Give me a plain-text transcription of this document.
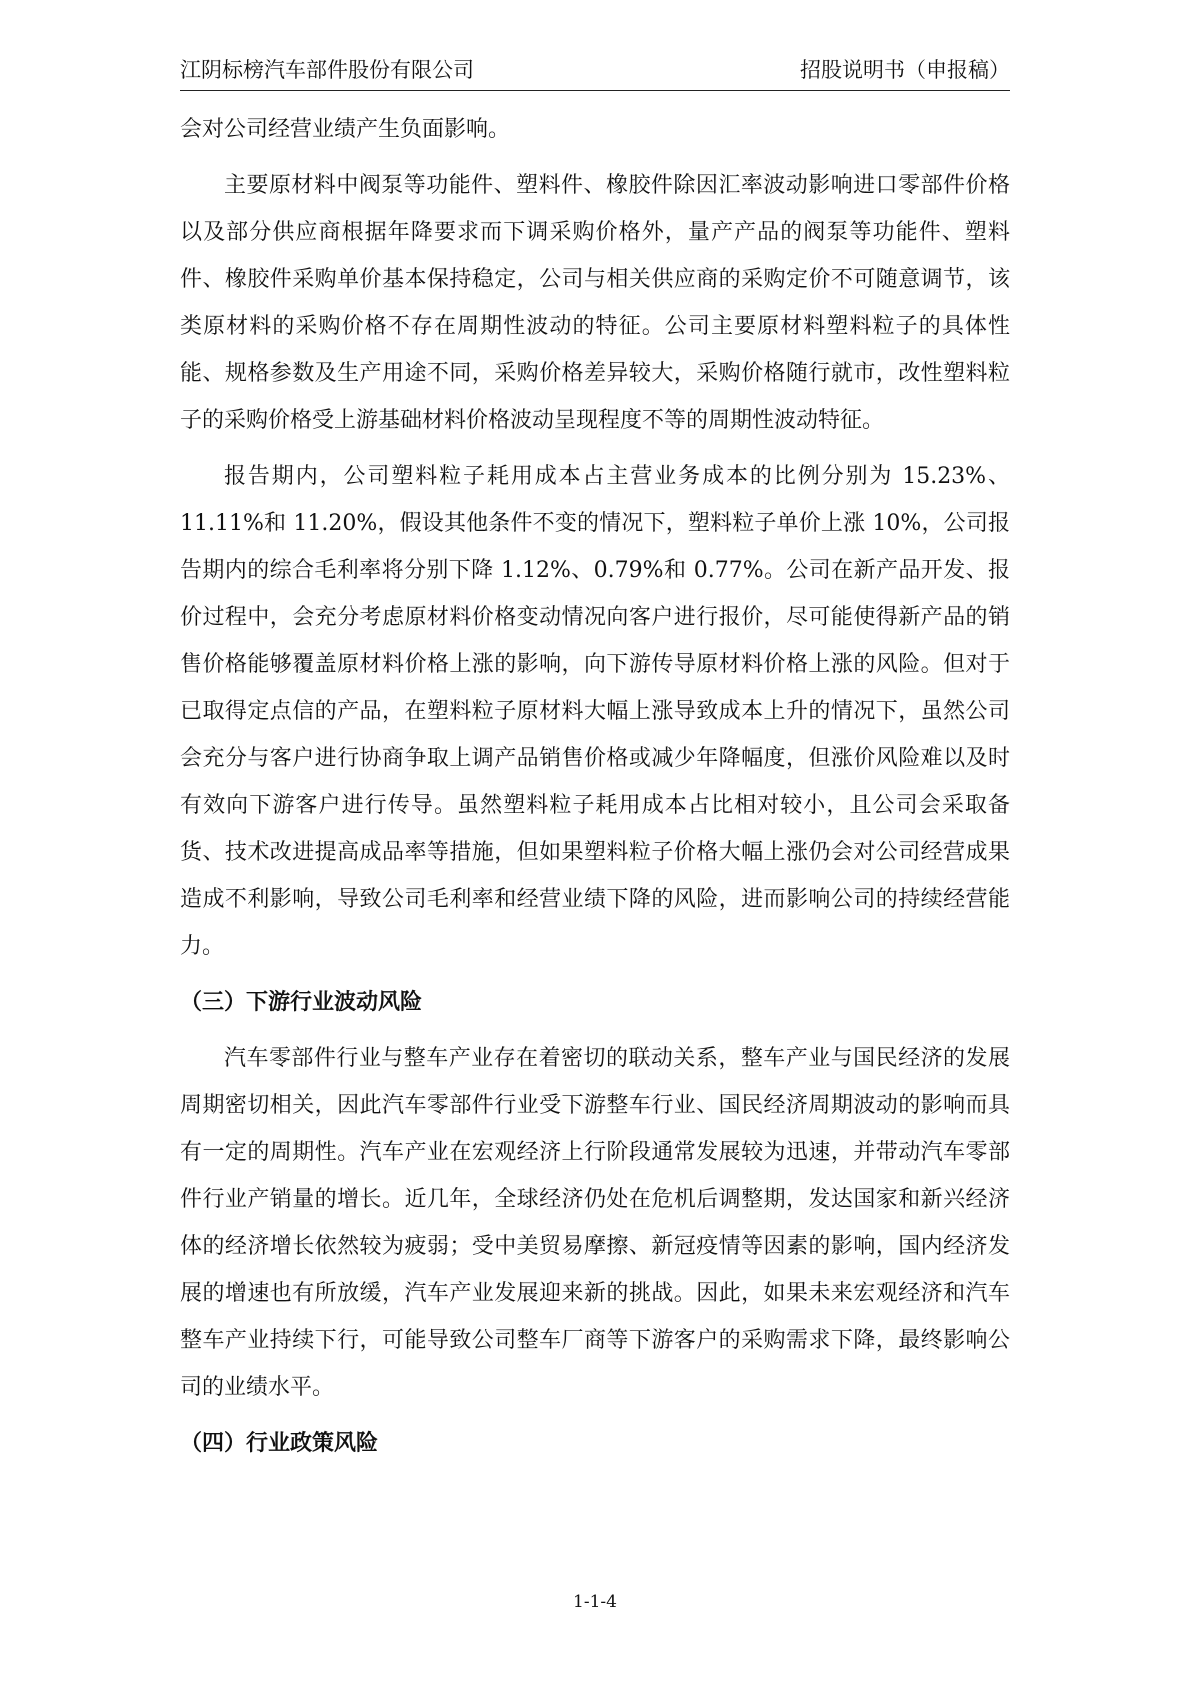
江阴标榜汽车部件股份有限公司	招股说明书（申报稿）

会对公司经营业绩产生负面影响。

主要原材料中阀泵等功能件、塑料件、橡胶件除因汇率波动影响进口零部件价格以及部分供应商根据年降要求而下调采购价格外，量产产品的阀泵等功能件、塑料件、橡胶件采购单价基本保持稳定，公司与相关供应商的采购定价不可随意调节，该类原材料的采购价格不存在周期性波动的特征。公司主要原材料塑料粒子的具体性能、规格参数及生产用途不同，采购价格差异较大，采购价格随行就市，改性塑料粒子的采购价格受上游基础材料价格波动呈现程度不等的周期性波动特征。

报告期内，公司塑料粒子耗用成本占主营业务成本的比例分别为 15.23%、11.11%和 11.20%，假设其他条件不变的情况下，塑料粒子单价上涨 10%，公司报告期内的综合毛利率将分别下降 1.12%、0.79%和 0.77%。公司在新产品开发、报价过程中，会充分考虑原材料价格变动情况向客户进行报价，尽可能使得新产品的销售价格能够覆盖原材料价格上涨的影响，向下游传导原材料价格上涨的风险。但对于已取得定点信的产品，在塑料粒子原材料大幅上涨导致成本上升的情况下，虽然公司会充分与客户进行协商争取上调产品销售价格或减少年降幅度，但涨价风险难以及时有效向下游客户进行传导。虽然塑料粒子耗用成本占比相对较小，且公司会采取备货、技术改进提高成品率等措施，但如果塑料粒子价格大幅上涨仍会对公司经营成果造成不利影响，导致公司毛利率和经营业绩下降的风险，进而影响公司的持续经营能力。

（三）下游行业波动风险

汽车零部件行业与整车产业存在着密切的联动关系，整车产业与国民经济的发展周期密切相关，因此汽车零部件行业受下游整车行业、国民经济周期波动的影响而具有一定的周期性。汽车产业在宏观经济上行阶段通常发展较为迅速，并带动汽车零部件行业产销量的增长。近几年，全球经济仍处在危机后调整期，发达国家和新兴经济体的经济增长依然较为疲弱；受中美贸易摩擦、新冠疫情等因素的影响，国内经济发展的增速也有所放缓，汽车产业发展迎来新的挑战。因此，如果未来宏观经济和汽车整车产业持续下行，可能导致公司整车厂商等下游客户的采购需求下降，最终影响公司的业绩水平。

（四）行业政策风险
1-1-4
